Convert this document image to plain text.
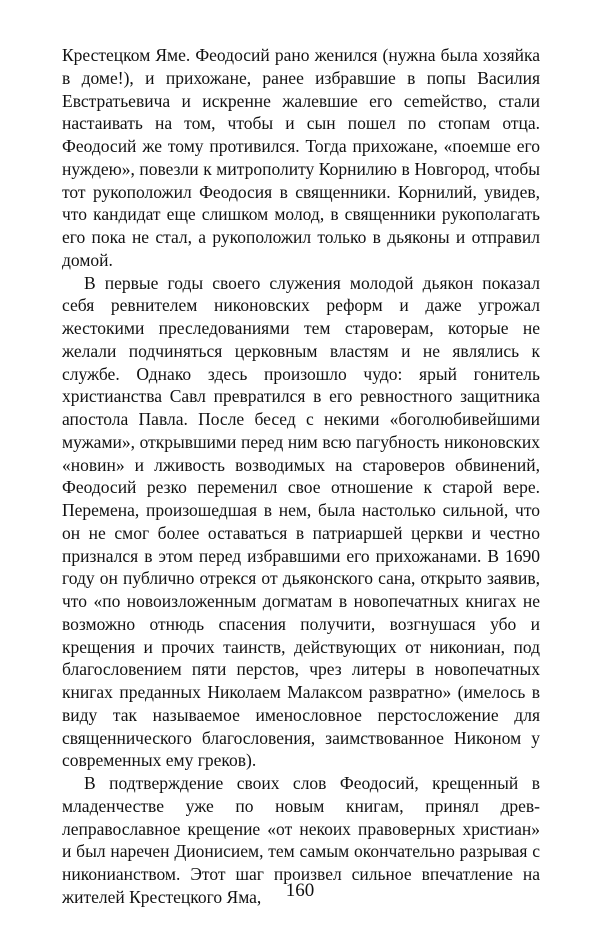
Крестецком Яме. Феодосий рано женился (нужна была хозяйка в доме!), и прихожане, ранее избравшие в попы Василия Евстратьевича и искренне жалевшие его сеmейство, стали настаивать на том, чтобы и сын пошел по стопам отца. Феодосий же тому противился. Тогда прихожане, «поемше его нуждею», повезли к митрополиту Корнилию в Новгород, чтобы тот рукоположил Феодосия в священники. Корнилий, увидев, что кандидат еще слишком молод, в священники рукополагать его пока не стал, а рукоположил только в дьяконы и отправил домой.

В первые годы своего служения молодой дьякон показал себя ревнителем никоновских реформ и даже угрожал жестокими преследованиями тем староверам, которые не желали подчиняться церковным властям и не являлись к службе. Однако здесь произошло чудо: ярый гонитель христианства Савл превратился в его ревностного защитника апостола Павла. После бесед с некими «боголюбивейшими мужами», открывшими перед ним всю пагубность никоновских «новин» и лживость возводимых на староверов обвинений, Феодосий резко переменил свое отношение к старой вере. Перемена, произошедшая в нем, была настолько сильной, что он не смог более оставаться в патриаршей церкви и честно признался в этом перед избравшими его прихожанами. В 1690 году он публично отрекся от дьяконского сана, открыто заявив, что «по новоизложенным догматам в новопечатных книгах не возможно отнюдь спасения получити, возгнушася убо и крещения и прочих таинств, действующих от никониан, под благословением пяти перстов, чрез литеры в новопечатных книгах преданных Николаем Малаксом развратно» (имелось в виду так называемое именословное перстосложение для священнического благословения, заимствованное Никоном у современных ему греков).

В подтверждение своих слов Феодосий, крещенный в младенчестве уже по новым книгам, принял древлеправославное крещение «от некоих правоверных христиан» и был наречен Дионисием, тем самым окончательно разрывая с никонианством. Этот шаг произвел сильное впечатление на жителей Крестецкого Яма,	160
